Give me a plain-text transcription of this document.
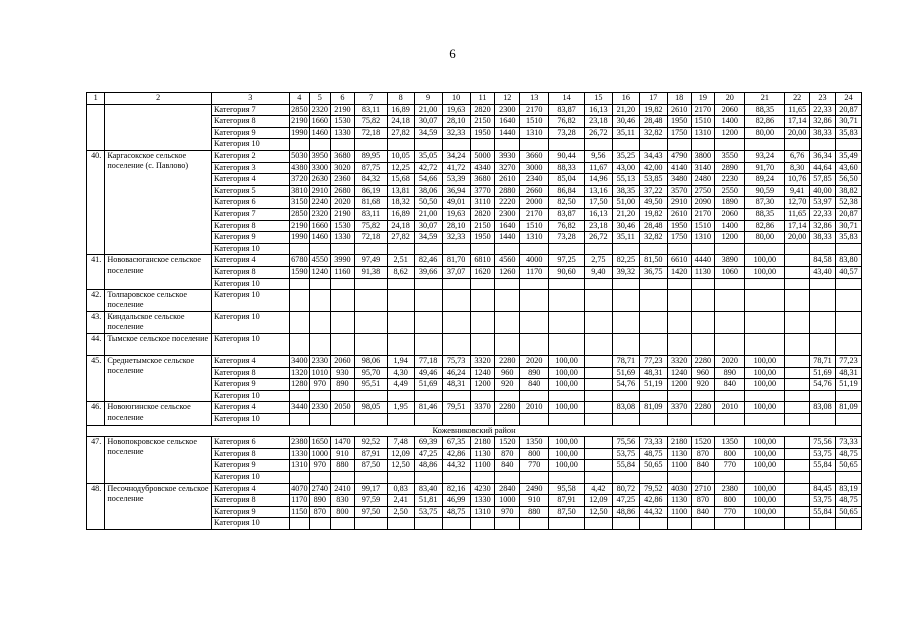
6
1	2	3	4	5	6	7	8	9	10	11	12	13	14	15	16	17	18	19	20	21	22	23	24
		Категория 7	2850	2320	2190	83,11	16,89	21,00	19,63	2820	2300	2170	83,87	16,13	21,20	19,82	2610	2170	2060	88,35	11,65	22,33	20,87
		Категория 8	2190	1660	1530	75,82	24,18	30,07	28,10	2150	1640	1510	76,82	23,18	30,46	28,48	1950	1510	1400	82,86	17,14	32,86	30,71
		Категория 9	1990	1460	1330	72,18	27,82	34,59	32,33	1950	1440	1310	73,28	26,72	35,11	32,82	1750	1310	1200	80,00	20,00	38,33	35,83
		Категория 10																					
40.	Каргасокское сельское поселение (с. Павлово)	Категория 2	5030	3950	3680	89,95	10,05	35,05	34,24	5000	3930	3660	90,44	9,56	35,25	34,43	4790	3800	3550	93,24	6,76	36,34	35,49
		Категория 3	4380	3300	3020	87,75	12,25	42,72	41,72	4340	3270	3000	88,33	11,67	43,00	42,00	4140	3140	2890	91,70	8,30	44,64	43,60
		Категория 4	3720	2630	2360	84,32	15,68	54,66	53,39	3680	2610	2340	85,04	14,96	55,13	53,85	3480	2480	2230	89,24	10,76	57,85	56,50
		Категория 5	3810	2910	2680	86,19	13,81	38,06	36,94	3770	2880	2660	86,84	13,16	38,35	37,22	3570	2750	2550	90,59	9,41	40,00	38,82
		Категория 6	3150	2240	2020	81,68	18,32	50,50	49,01	3110	2220	2000	82,50	17,50	51,00	49,50	2910	2090	1890	87,30	12,70	53,97	52,38
		Категория 7	2850	2320	2190	83,11	16,89	21,00	19,63	2820	2300	2170	83,87	16,13	21,20	19,82	2610	2170	2060	88,35	11,65	22,33	20,87
		Категория 8	2190	1660	1530	75,82	24,18	30,07	28,10	2150	1640	1510	76,82	23,18	30,46	28,48	1950	1510	1400	82,86	17,14	32,86	30,71
		Категория 9	1990	1460	1330	72,18	27,82	34,59	32,33	1950	1440	1310	73,28	26,72	35,11	32,82	1750	1310	1200	80,00	20,00	38,33	35,83
		Категория 10																					
41.	Нововасюганское сельское поселение	Категория 4	6780	4550	3990	97,49	2,51	82,46	81,70	6810	4560	4000	97,25	2,75	82,25	81,50	6610	4440	3890	100,00		84,58	83,80
		Категория 8	1590	1240	1160	91,38	8,62	39,66	37,07	1620	1260	1170	90,60	9,40	39,32	36,75	1420	1130	1060	100,00		43,40	40,57
		Категория 10																					
42.	Толпаровское сельское поселение	Категория 10																					
43.	Киндальское сельское поселение	Категория 10																					
44.	Тымское сельское поселение	Категория 10																					
45.	Среднетымское сельское поселение	Категория 4	3400	2330	2060	98,06	1,94	77,18	75,73	3320	2280	2020	100,00		78,71	77,23	3320	2280	2020	100,00		78,71	77,23
		Категория 8	1320	1010	930	95,70	4,30	49,46	46,24	1240	960	890	100,00		51,69	48,31	1240	960	890	100,00		51,69	48,31
		Категория 9	1280	970	890	95,51	4,49	51,69	48,31	1200	920	840	100,00		54,76	51,19	1200	920	840	100,00		54,76	51,19
		Категория 10																					
46.	Новоюгинское сельское поселение	Категория 4	3440	2330	2050	98,05	1,95	81,46	79,51	3370	2280	2010	100,00		83,08	81,09	3370	2280	2010	100,00		83,08	81,09
		Категория 10																					
Кожевниковский район																							
47.	Новопокровское сельское поселение	Категория 6	2380	1650	1470	92,52	7,48	69,39	67,35	2180	1520	1350	100,00		75,56	73,33	2180	1520	1350	100,00		75,56	73,33
		Категория 8	1330	1000	910	87,91	12,09	47,25	42,86	1130	870	800	100,00		53,75	48,75	1130	870	800	100,00		53,75	48,75
		Категория 9	1310	970	880	87,50	12,50	48,86	44,32	1100	840	770	100,00		55,84	50,65	1100	840	770	100,00		55,84	50,65
		Категория 10																					
48.	Песочнодубровское сельское поселение	Категория 4	4070	2740	2410	99,17	0,83	83,40	82,16	4230	2840	2490	95,58	4,42	80,72	79,52	4030	2710	2380	100,00		84,45	83,19
		Категория 8	1170	890	830	97,59	2,41	51,81	46,99	1330	1000	910	87,91	12,09	47,25	42,86	1130	870	800	100,00		53,75	48,75
		Категория 9	1150	870	800	97,50	2,50	53,75	48,75	1310	970	880	87,50	12,50	48,86	44,32	1100	840	770	100,00		55,84	50,65
		Категория 10																					
